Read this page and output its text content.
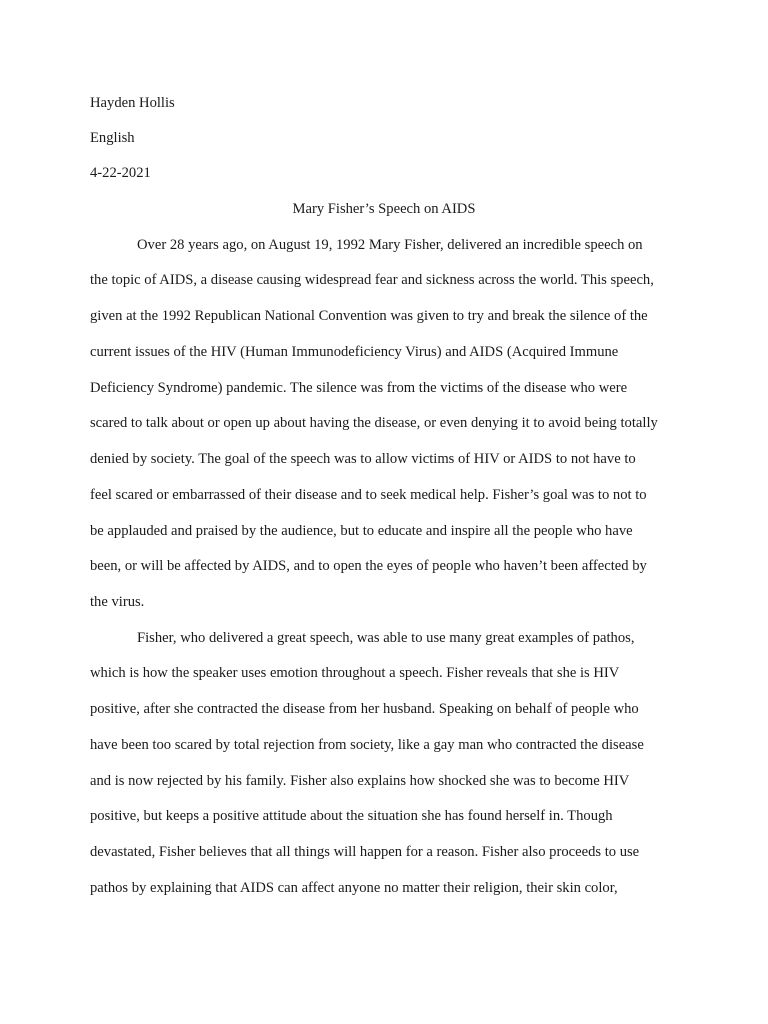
Hayden Hollis
English
4-22-2021
Mary Fisher’s Speech on AIDS
Over 28 years ago, on August 19, 1992 Mary Fisher, delivered an incredible speech on
the topic of AIDS, a disease causing widespread fear and sickness across the world. This speech,
given at the 1992 Republican National Convention was given to try and break the silence of the
current issues of the HIV (Human Immunodeficiency Virus) and AIDS (Acquired Immune
Deficiency Syndrome) pandemic. The silence was from the victims of the disease who were
scared to talk about or open up about having the disease, or even denying it to avoid being totally
denied by society. The goal of the speech was to allow victims of HIV or AIDS to not have to
feel scared or embarrassed of their disease and to seek medical help. Fisher’s goal was to not to
be applauded and praised by the audience, but to educate and inspire all the people who have
been, or will be affected by AIDS, and to open the eyes of people who haven’t been affected by
the virus.
Fisher, who delivered a great speech, was able to use many great examples of pathos,
which is how the speaker uses emotion throughout a speech. Fisher reveals that she is HIV
positive, after she contracted the disease from her husband. Speaking on behalf of people who
have been too scared by total rejection from society, like a gay man who contracted the disease
and is now rejected by his family. Fisher also explains how shocked she was to become HIV
positive, but keeps a positive attitude about the situation she has found herself in. Though
devastated, Fisher believes that all things will happen for a reason. Fisher also proceeds to use
pathos by explaining that AIDS can affect anyone no matter their religion, their skin color,
